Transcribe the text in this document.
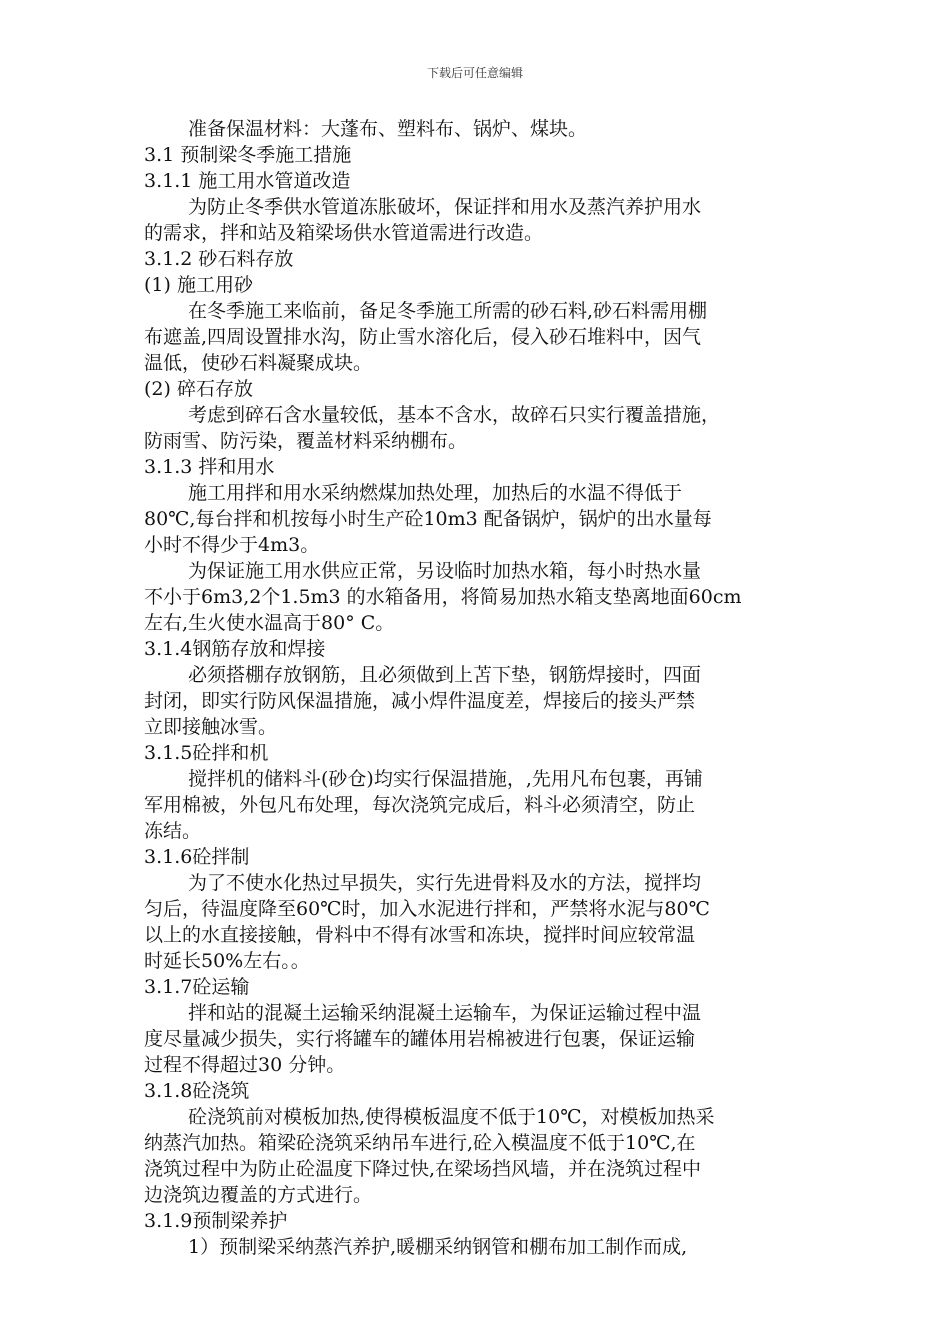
下载后可任意编辑
准备保温材料：大蓬布、塑料布、锅炉、煤块。
3.1 预制梁冬季施工措施
3.1.1 施工用水管道改造
为防止冬季供水管道冻胀破坏，保证拌和用水及蒸汽养护用水
的需求，拌和站及箱梁场供水管道需进行改造。
3.1.2 砂石料存放
(1) 施工用砂
在冬季施工来临前，备足冬季施工所需的砂石料,砂石料需用棚
布遮盖,四周设置排水沟，防止雪水溶化后，侵入砂石堆料中，因气
温低，使砂石料凝聚成块。
(2) 碎石存放
考虑到碎石含水量较低，基本不含水，故碎石只实行覆盖措施，
防雨雪、防污染，覆盖材料采纳棚布。
3.1.3 拌和用水
施工用拌和用水采纳燃煤加热处理，加热后的水温不得低于
80℃,每台拌和机按每小时生产砼10m3 配备锅炉，锅炉的出水量每
小时不得少于4m3。
为保证施工用水供应正常，另设临时加热水箱，每小时热水量
不小于6m3,2个1.5m3 的水箱备用，将简易加热水箱支垫离地面60cm
左右,生火使水温高于80° C。
3.1.4钢筋存放和焊接
必须搭棚存放钢筋，且必须做到上苫下垫，钢筋焊接时，四面
封闭，即实行防风保温措施，减小焊件温度差，焊接后的接头严禁
立即接触冰雪。
3.1.5砼拌和机
搅拌机的储料斗(砂仓)均实行保温措施，,先用凡布包裹，再铺
军用棉被，外包凡布处理，每次浇筑完成后，料斗必须清空，防止
冻结。
3.1.6砼拌制
为了不使水化热过早损失，实行先进骨料及水的方法，搅拌均
匀后，待温度降至60℃时，加入水泥进行拌和，严禁将水泥与80℃
以上的水直接接触，骨料中不得有冰雪和冻块，搅拌时间应较常温
时延长50%左右。。
3.1.7砼运输
拌和站的混凝土运输采纳混凝土运输车，为保证运输过程中温
度尽量减少损失，实行将罐车的罐体用岩棉被进行包裹，保证运输
过程不得超过30 分钟。
3.1.8砼浇筑
砼浇筑前对模板加热,使得模板温度不低于10℃，对模板加热采
纳蒸汽加热。箱梁砼浇筑采纳吊车进行,砼入模温度不低于10℃,在
浇筑过程中为防止砼温度下降过快,在梁场挡风墙，并在浇筑过程中
边浇筑边覆盖的方式进行。
3.1.9预制梁养护
1）预制梁采纳蒸汽养护,暖棚采纳钢管和棚布加工制作而成,
